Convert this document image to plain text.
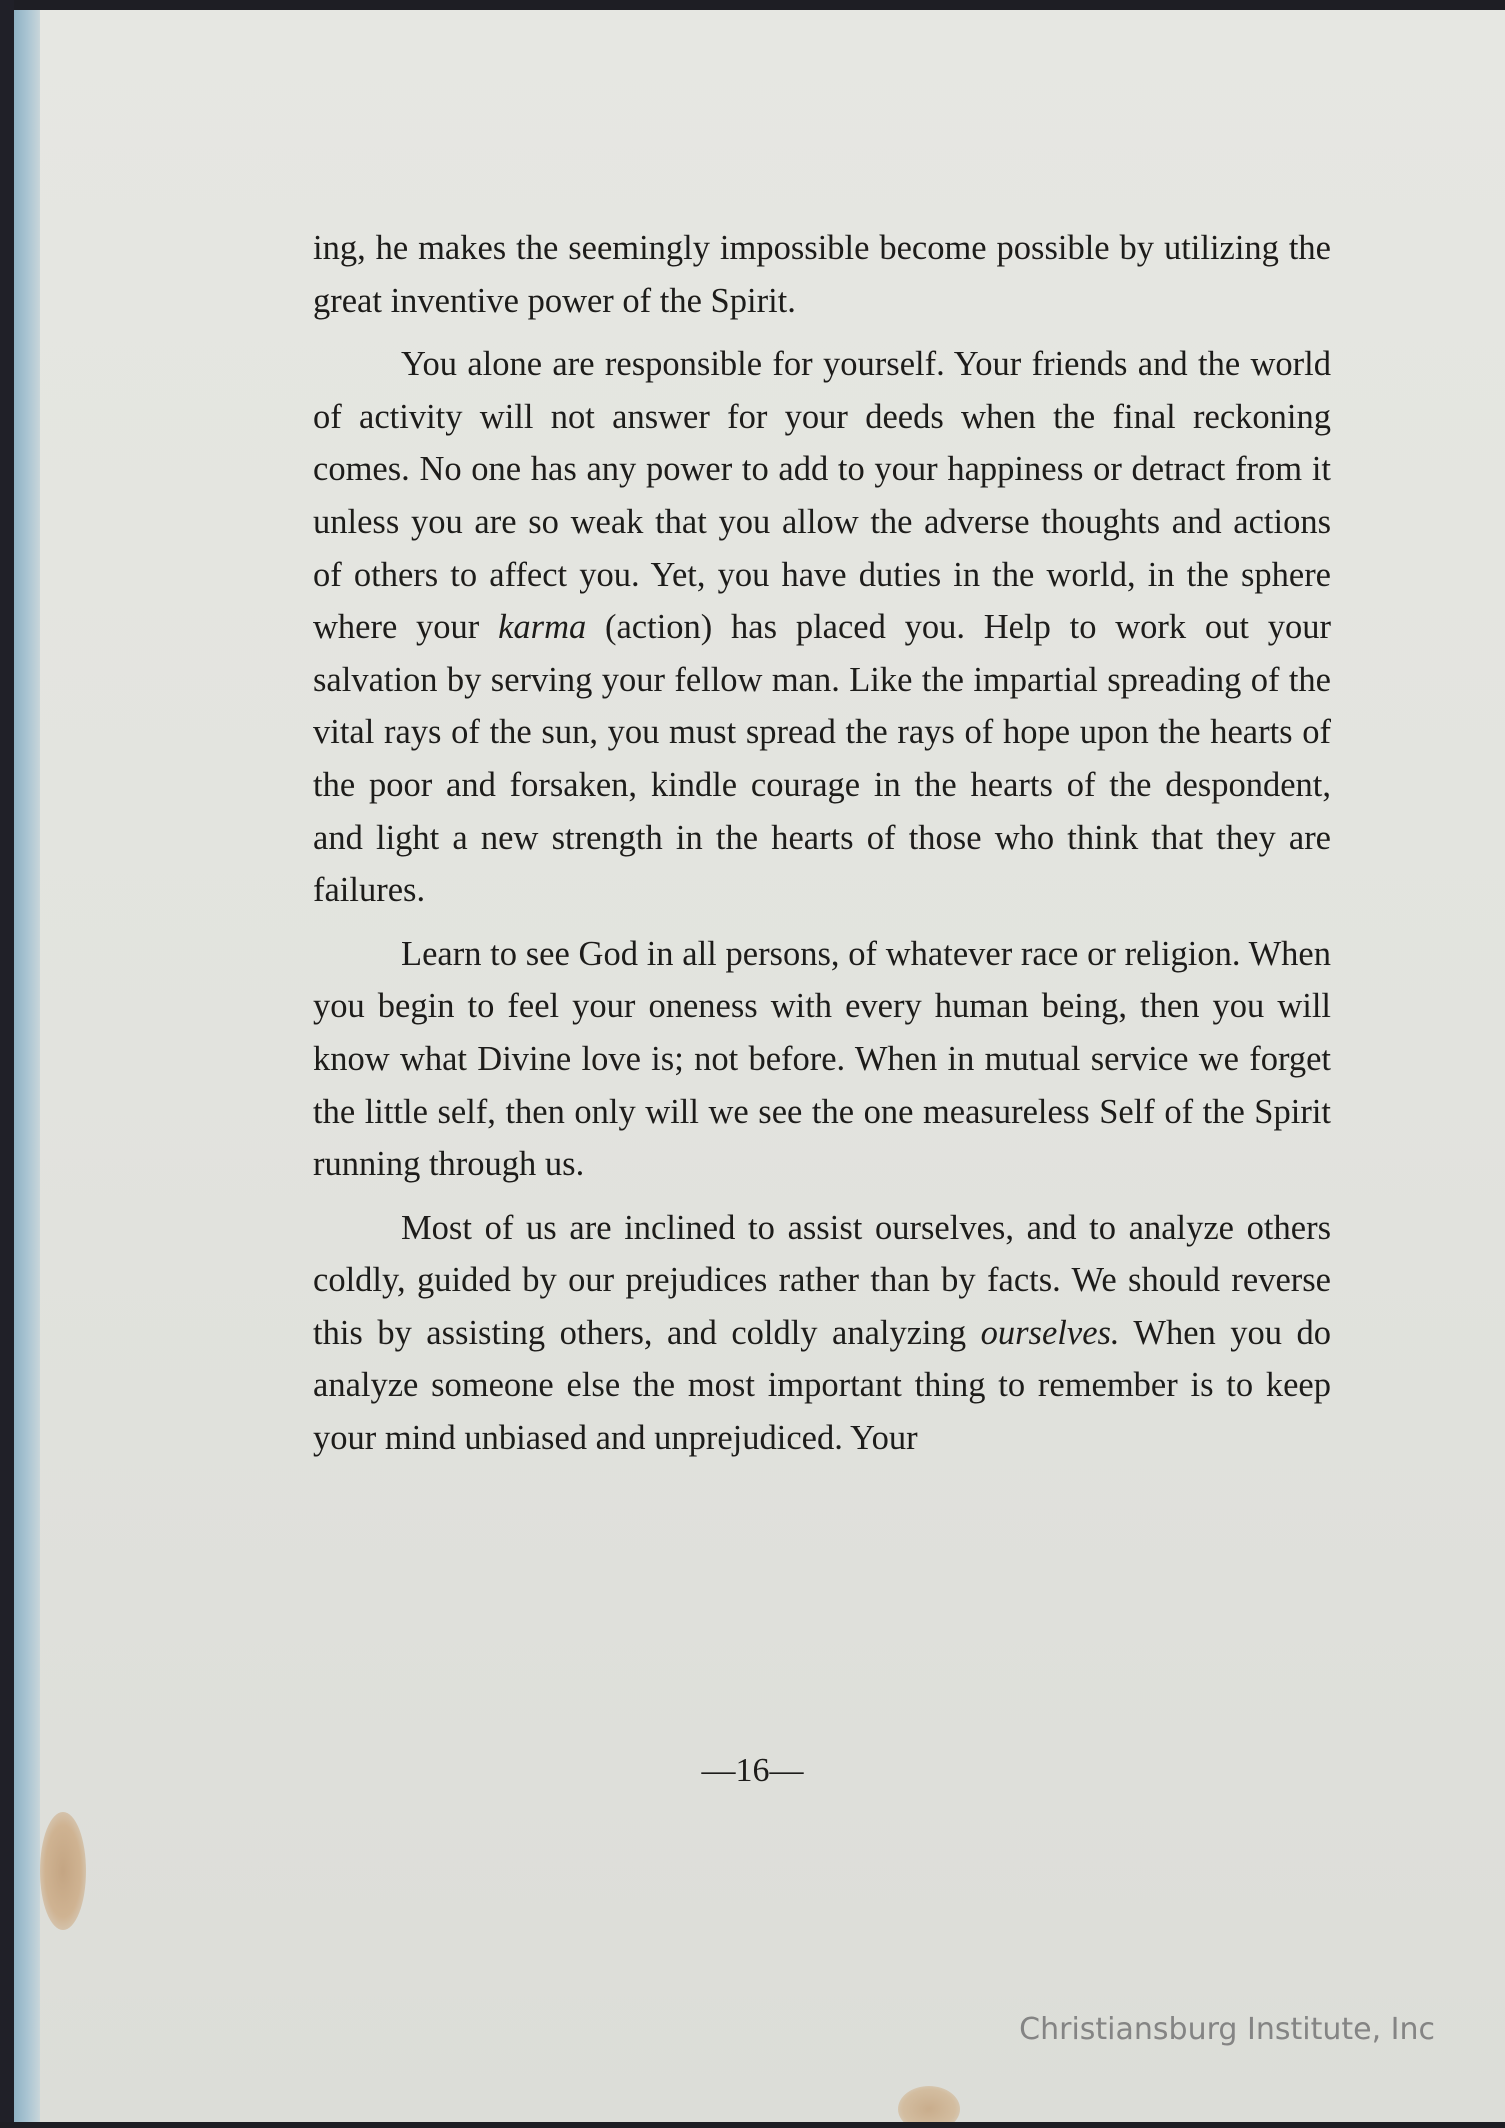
ing, he makes the seemingly impossible become possible by utilizing the great inventive power of the Spirit.

You alone are responsible for yourself. Your friends and the world of activity will not answer for your deeds when the final reckoning comes. No one has any power to add to your happiness or detract from it unless you are so weak that you allow the adverse thoughts and actions of others to affect you. Yet, you have duties in the world, in the sphere where your karma (action) has placed you. Help to work out your salvation by serving your fellow man. Like the impartial spreading of the vital rays of the sun, you must spread the rays of hope upon the hearts of the poor and forsaken, kindle courage in the hearts of the despondent, and light a new strength in the hearts of those who think that they are failures.

Learn to see God in all persons, of whatever race or religion. When you begin to feel your oneness with every human being, then you will know what Divine love is; not before. When in mutual service we forget the little self, then only will we see the one measureless Self of the Spirit running through us.

Most of us are inclined to assist ourselves, and to analyze others coldly, guided by our prejudices rather than by facts. We should reverse this by assisting others, and coldly analyzing ourselves. When you do analyze someone else the most important thing to remember is to keep your mind unbiased and unprejudiced. Your

—16—
Christiansburg Institute, Inc
